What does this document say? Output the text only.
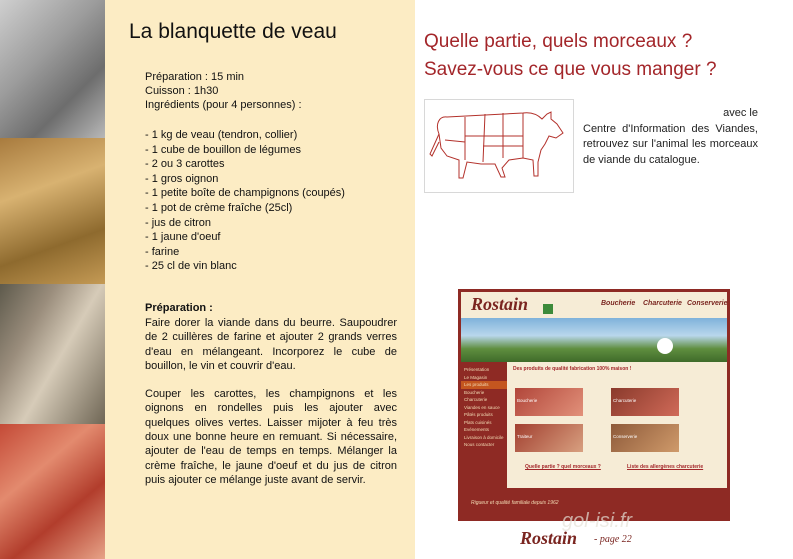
La blanquette de veau
Préparation : 15 min
Cuisson : 1h30
Ingrédients (pour 4 personnes) :
- 1 kg de veau (tendron, collier)
- 1 cube de bouillon de légumes
- 2 ou 3 carottes
- 1 gros oignon
- 1 petite boîte de champignons (coupés)
- 1 pot de crème fraîche (25cl)
- jus de citron
- 1 jaune d'oeuf
- farine
- 25 cl de vin blanc
Préparation :

Faire dorer la viande dans du beurre. Saupoudrer de 2 cuillères de farine et ajouter 2 grands verres d'eau en mélangeant. Incorporez le cube de bouillon, le vin et couvrir d'eau.

Couper les carottes, les champignons et les oignons en rondelles puis les ajouter avec quelques olives vertes. Laisser mijoter à feu très doux une bonne heure en remuant. Si nécessaire, ajouter de l'eau de temps en temps. Mélanger la crème fraîche, le jaune d'oeuf et du jus de citron puis ajouter ce mélange juste avant de servir.

Quelle partie, quels morceaux ?
Savez-vous ce que vous manger ?
avec le
Centre d'Information des Viandes, retrouvez sur l'animal les morceaux de viande du catalogue.
Rostain	Boucherie Charcuterie Conserverie
Présentation
Le Magasin
Les produits
Boucherie
Charcuterie
Viandes en sauce
Pâtés produits
Plats cuisinés
Evénements
Livraison à domicile
Nous contacter
Des produits de qualité fabrication 100% maison !
Boucherie	Charcuterie
Traiteur	Conserverie
Quelle partie ? quel morceaux ?	Liste des allergènes charcuterie
Rigueur et qualité familiale depuis 1962
gol-isi.fr
Rostain - page 22
